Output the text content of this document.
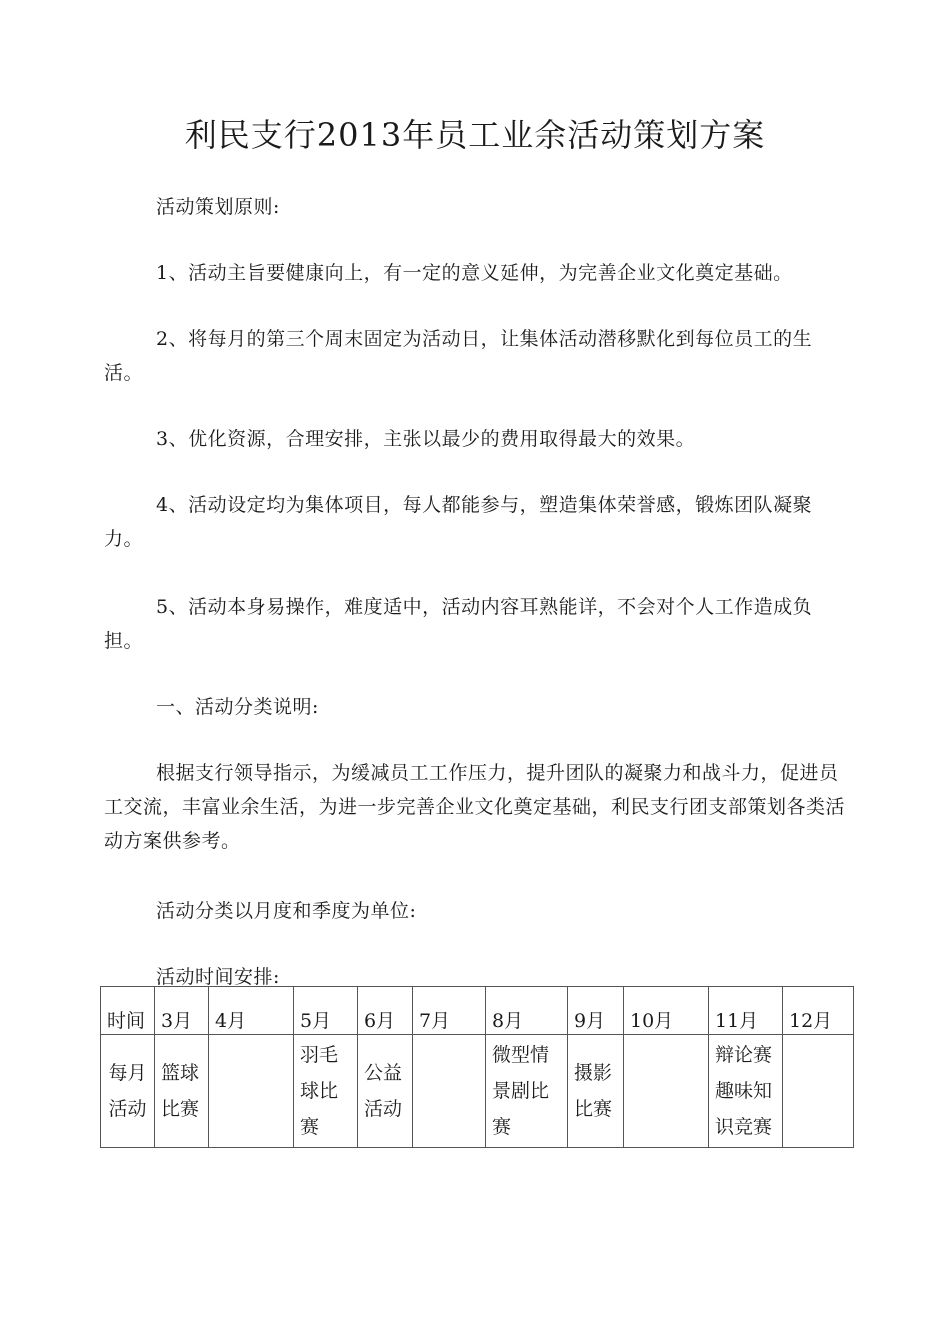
利民支行2013年员工业余活动策划方案

活动策划原则:

1、活动主旨要健康向上，有一定的意义延伸，为完善企业文化奠定基础。

2、将每月的第三个周末固定为活动日，让集体活动潜移默化到每位员工的生活。

3、优化资源，合理安排，主张以最少的费用取得最大的效果。

4、活动设定均为集体项目，每人都能参与，塑造集体荣誉感，锻炼团队凝聚力。

5、活动本身易操作，难度适中，活动内容耳熟能详，不会对个人工作造成负担。

一、活动分类说明:

根据支行领导指示，为缓减员工工作压力，提升团队的凝聚力和战斗力，促进员工交流，丰富业余生活，为进一步完善企业文化奠定基础，利民支行团支部策划各类活动方案供参考。

活动分类以月度和季度为单位:

活动时间安排:

时间	3月	4月	5月	6月	7月	8月	9月	10月	11月	12月
每月活动	篮球比赛		羽毛球比赛	公益活动		微型情景剧比赛	摄影比赛		辩论赛趣味知识竞赛	
